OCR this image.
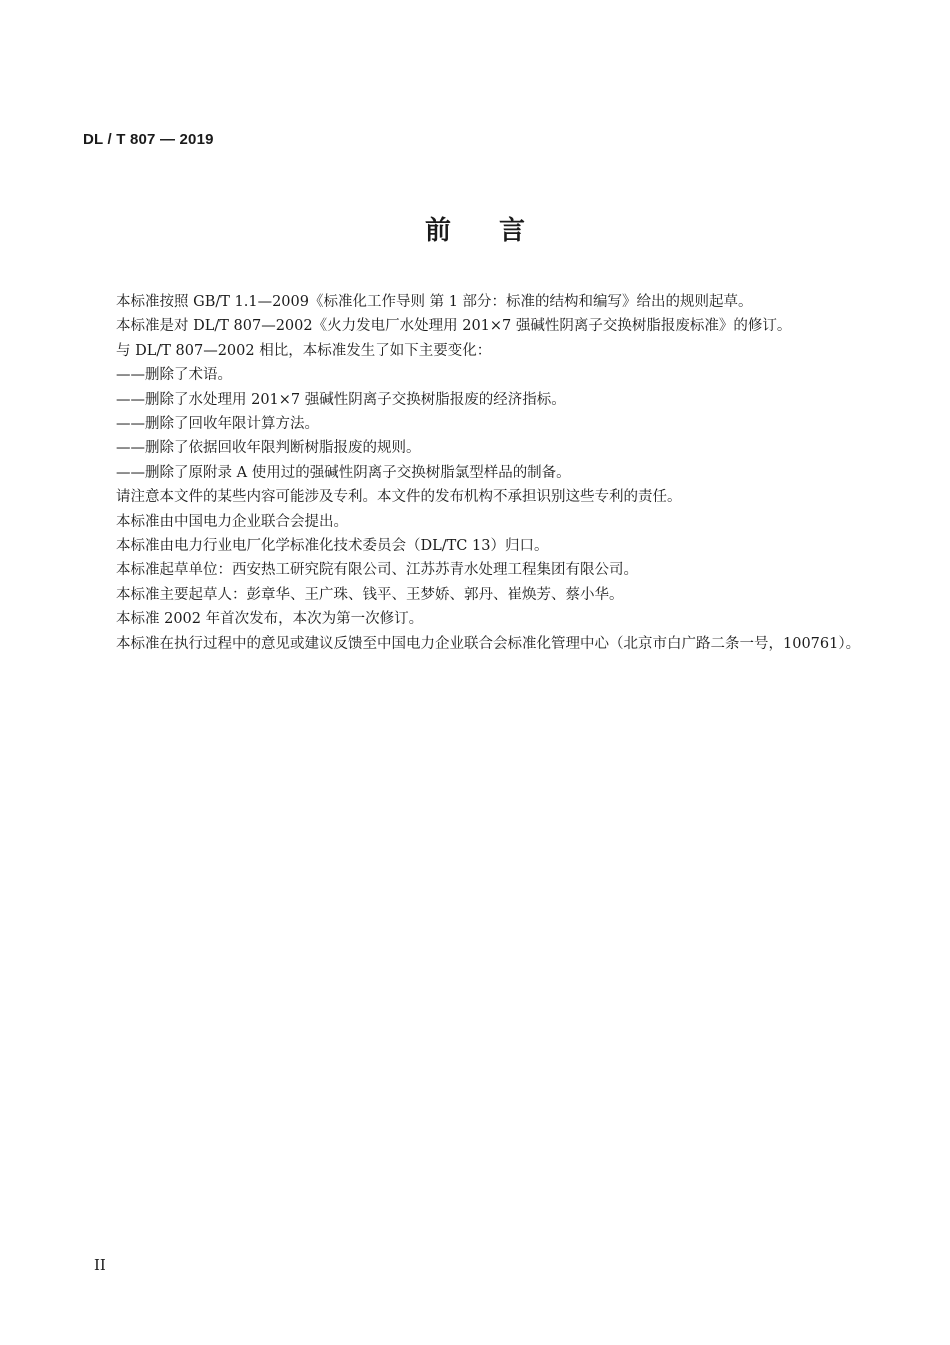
DL / T 807 — 2019
前言

本标准按照 GB/T 1.1—2009《标准化工作导则 第 1 部分：标准的结构和编写》给出的规则起草。

本标准是对 DL/T 807—2002《火力发电厂水处理用 201×7 强碱性阴离子交换树脂报废标准》的修订。

与 DL/T 807—2002 相比，本标准发生了如下主要变化：

——删除了术语。

——删除了水处理用 201×7 强碱性阴离子交换树脂报废的经济指标。

——删除了回收年限计算方法。

——删除了依据回收年限判断树脂报废的规则。

——删除了原附录 A 使用过的强碱性阴离子交换树脂氯型样品的制备。

请注意本文件的某些内容可能涉及专利。本文件的发布机构不承担识别这些专利的责任。

本标准由中国电力企业联合会提出。

本标准由电力行业电厂化学标准化技术委员会（DL/TC 13）归口。

本标准起草单位：西安热工研究院有限公司、江苏苏青水处理工程集团有限公司。

本标准主要起草人：彭章华、王广珠、钱平、王梦娇、郭丹、崔焕芳、蔡小华。

本标准 2002 年首次发布，本次为第一次修订。

本标准在执行过程中的意见或建议反馈至中国电力企业联合会标准化管理中心（北京市白广路二条一号，100761）。

II
